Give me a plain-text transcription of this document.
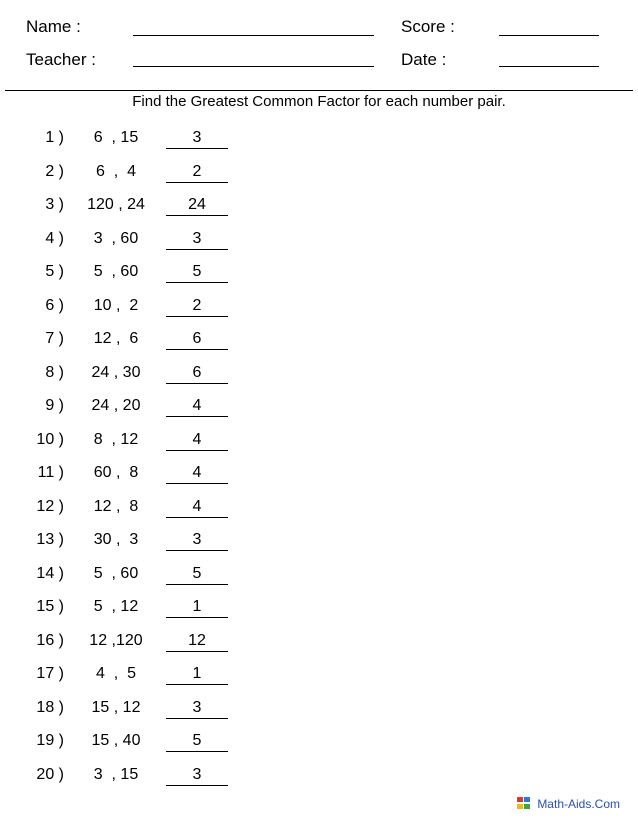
Name :	Score :
Teacher :	Date :
Find the Greatest Common Factor for each number pair.
1 )	6  , 15	3
2 )	6  ,  4	2
3 )	120 , 24	24
4 )	3  , 60	3
5 )	5  , 60	5
6 )	10 ,  2	2
7 )	12 ,  6	6
8 )	24 , 30	6
9 )	24 , 20	4
10 )	8  , 12	4
11 )	60 ,  8	4
12 )	12 ,  8	4
13 )	30 ,  3	3
14 )	5  , 60	5
15 )	5  , 12	1
16 )	12 ,120	12
17 )	4  ,  5	1
18 )	15 , 12	3
19 )	15 , 40	5
20 )	3  , 15	3
Math-Aids.Com
